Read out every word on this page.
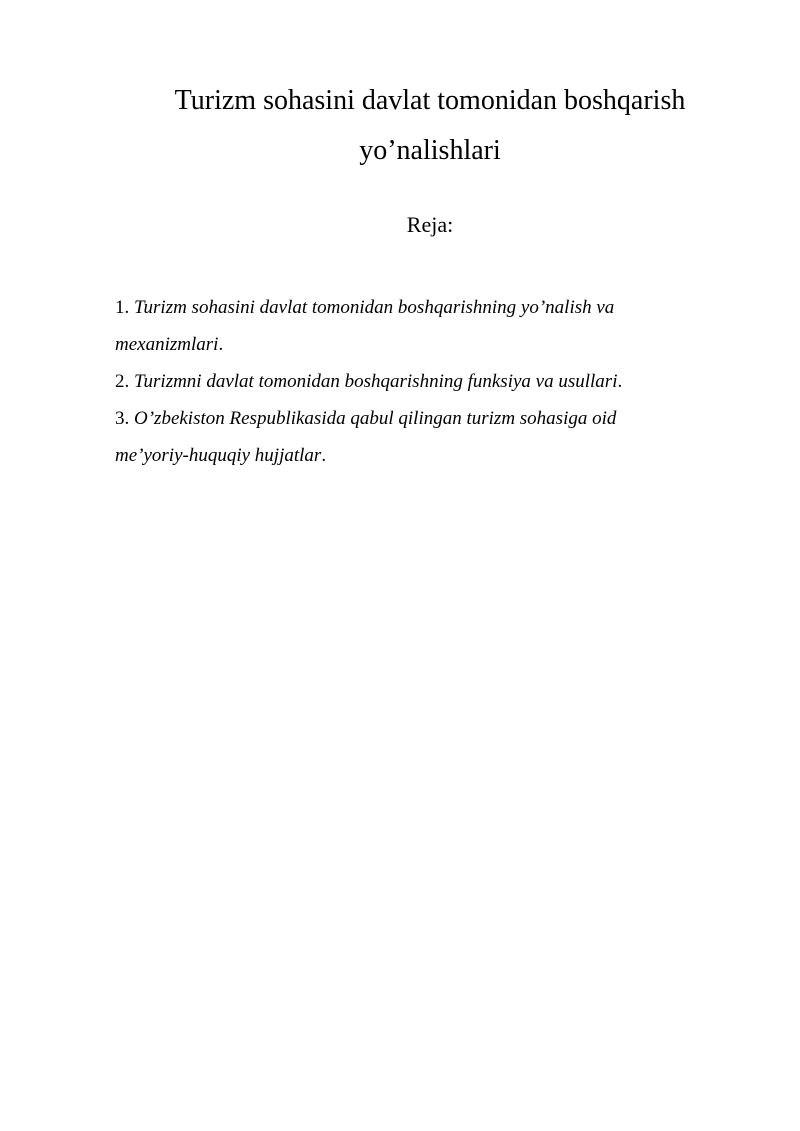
Turizm sohasini davlat tomonidan boshqarish
yo’nalishlari

Reja:

1. Turizm sohasini davlat tomonidan boshqarishning yo’nalish va
mexanizmlari.
2. Turizmni davlat tomonidan boshqarishning funksiya va usullari.
3. O’zbekiston Respublikasida qabul qilingan turizm sohasiga oid
me’yoriy-huquqiy hujjatlar.
